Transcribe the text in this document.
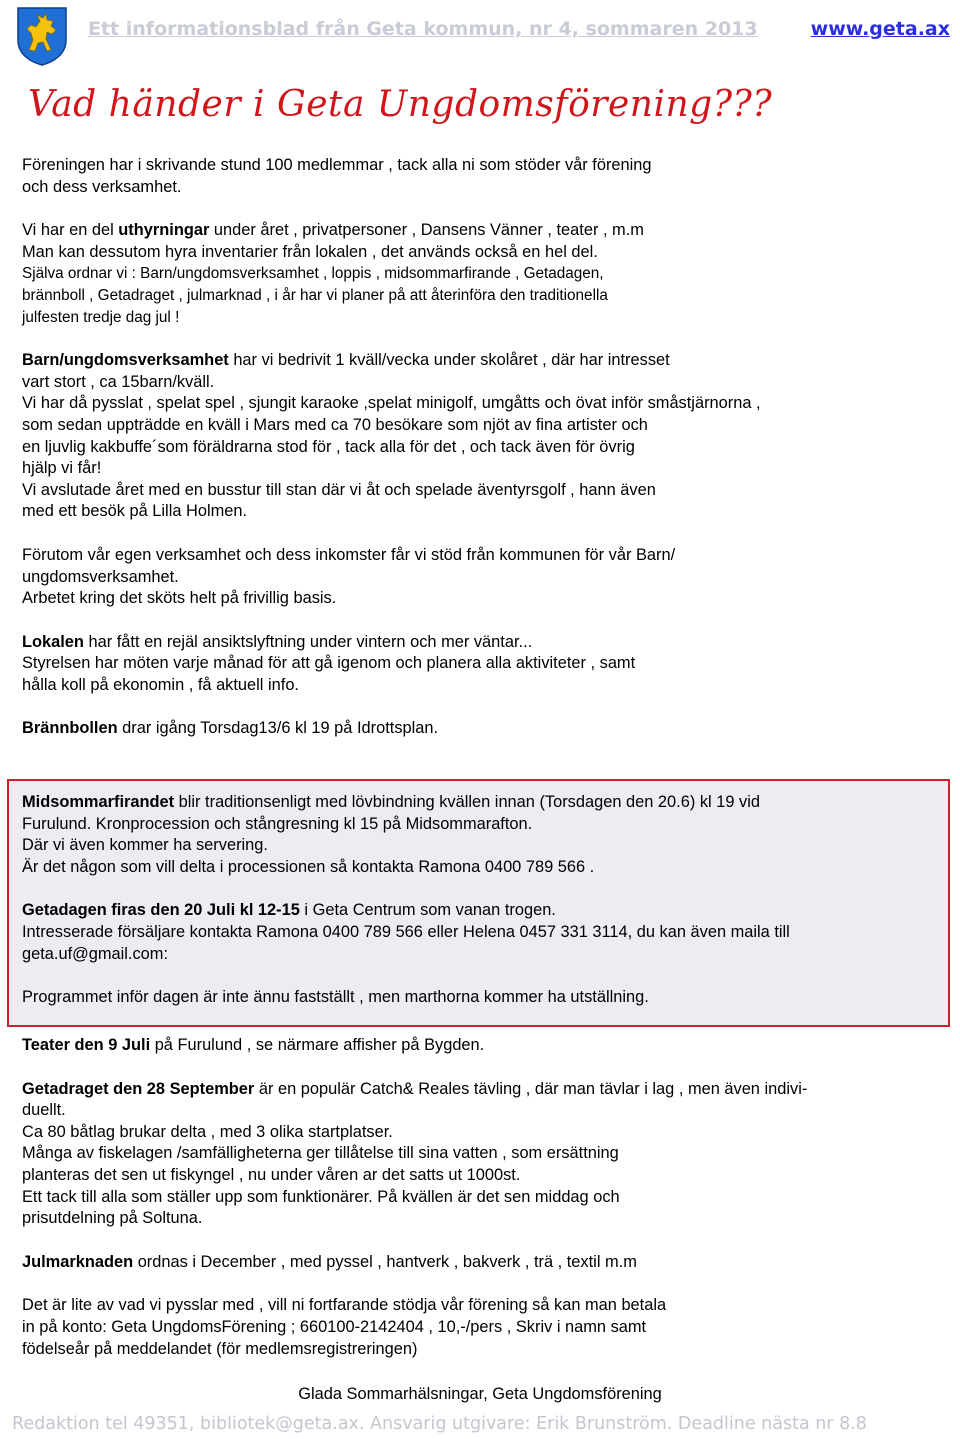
Ett informationsblad från Geta kommun, nr 4, sommaren 2013	www.geta.ax
Vad händer i Geta Ungdomsförening???

Föreningen har i skrivande stund 100 medlemmar , tack alla ni som stöder vår förening

och dess verksamhet.

Vi har en del uthyrningar under året , privatpersoner , Dansens Vänner , teater , m.m

Man kan dessutom hyra inventarier från lokalen , det används också en hel del.

Själva ordnar vi : Barn/ungdomsverksamhet , loppis , midsommarfirande , Getadagen,

brännboll , Getadraget , julmarknad , i år har vi planer på att återinföra den traditionella

julfesten tredje dag jul !

Barn/ungdomsverksamhet har vi bedrivit 1 kväll/vecka under skolåret , där har intresset

vart stort , ca 15barn/kväll.

Vi har då pysslat , spelat spel , sjungit karaoke ,spelat minigolf, umgåtts och övat inför småstjärnorna ,

som sedan uppträdde en kväll i Mars med ca 70 besökare som njöt av fina artister och

en ljuvlig kakbuffe´som föräldrarna stod för , tack alla för det , och tack även för övrig

hjälp vi får!

Vi avslutade året med en busstur till stan där vi åt och spelade äventyrsgolf , hann även

med ett besök på Lilla Holmen.

Förutom vår egen verksamhet och dess inkomster får vi stöd från kommunen för vår Barn/

ungdomsverksamhet.

Arbetet kring det sköts helt på frivillig basis.

Lokalen har fått en rejäl ansiktslyftning under vintern och mer väntar...

Styrelsen har möten varje månad för att gå igenom och planera alla aktiviteter , samt

hålla koll på ekonomin , få aktuell info.

Brännbollen drar igång Torsdag13/6 kl 19 på Idrottsplan.

Midsommarfirandet blir traditionsenligt med lövbindning kvällen innan (Torsdagen den 20.6) kl 19 vid

Furulund. Kronprocession och stångresning kl 15 på Midsommarafton.

Där vi även kommer ha servering.

Är det någon som vill delta i processionen så kontakta Ramona 0400 789 566 .

Getadagen firas den 20 Juli kl 12-15 i Geta Centrum som vanan trogen.

Intresserade försäljare kontakta Ramona 0400 789 566 eller Helena 0457 331 3114, du kan även maila till

geta.uf@gmail.com:

Programmet inför dagen är inte ännu fastställt , men marthorna kommer ha utställning.

Teater den 9 Juli på Furulund , se närmare affisher på Bygden.

Getadraget den 28 September är en populär Catch& Reales tävling , där man tävlar i lag , men även indivi-

duellt.

Ca 80 båtlag brukar delta , med 3 olika startplatser.

Många av fiskelagen /samfälligheterna ger tillåtelse till sina vatten , som ersättning

planteras det sen ut fiskyngel , nu under våren ar det satts ut 1000st.

Ett tack till alla som ställer upp som funktionärer. På kvällen är det sen middag och

prisutdelning på Soltuna.

Julmarknaden ordnas i December , med pyssel , hantverk , bakverk , trä , textil m.m

Det är lite av vad vi pysslar med , vill ni fortfarande stödja vår förening så kan man betala

in på konto: Geta UngdomsFörening ; 660100-2142404 , 10,-/pers , Skriv i namn samt

födelseår på meddelandet (för medlemsregistreringen)

Glada Sommarhälsningar, Geta Ungdomsförening
Redaktion tel 49351, bibliotek@geta.ax. Ansvarig utgivare: Erik Brunström. Deadline nästa nr 8.8
